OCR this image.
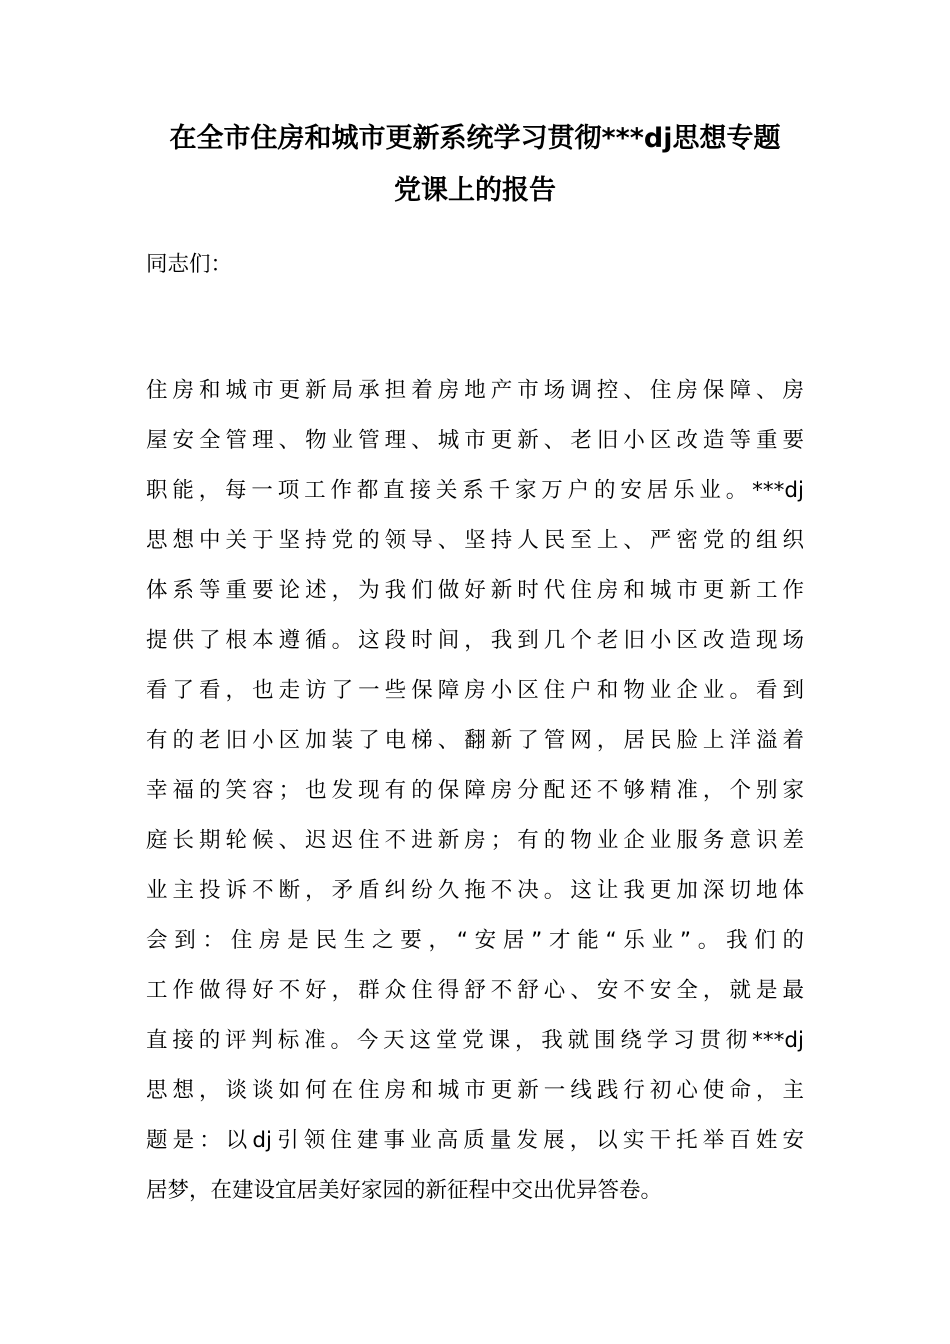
在全市住房和城市更新系统学习贯彻***dj思想专题
党课上的报告
同志们：
住房和城市更新局承担着房地产市场调控、住房保障、房
屋安全管理、物业管理、城市更新、老旧小区改造等重要
职能，每一项工作都直接关系千家万户的安居乐业。***dj
思想中关于坚持党的领导、坚持人民至上、严密党的组织
体系等重要论述，为我们做好新时代住房和城市更新工作
提供了根本遵循。这段时间，我到几个老旧小区改造现场
看了看，也走访了一些保障房小区住户和物业企业。看到
有的老旧小区加装了电梯、翻新了管网，居民脸上洋溢着
幸福的笑容；也发现有的保障房分配还不够精准，个别家
庭长期轮候、迟迟住不进新房；有的物业企业服务意识差
业主投诉不断，矛盾纠纷久拖不决。这让我更加深切地体
会到：住房是民生之要，“安居”才能“乐业”。我们的
工作做得好不好，群众住得舒不舒心、安不安全，就是最
直接的评判标准。今天这堂党课，我就围绕学习贯彻***dj
思想，谈谈如何在住房和城市更新一线践行初心使命，主
题是：以dj引领住建事业高质量发展，以实干托举百姓安
居梦，在建设宜居美好家园的新征程中交出优异答卷。
